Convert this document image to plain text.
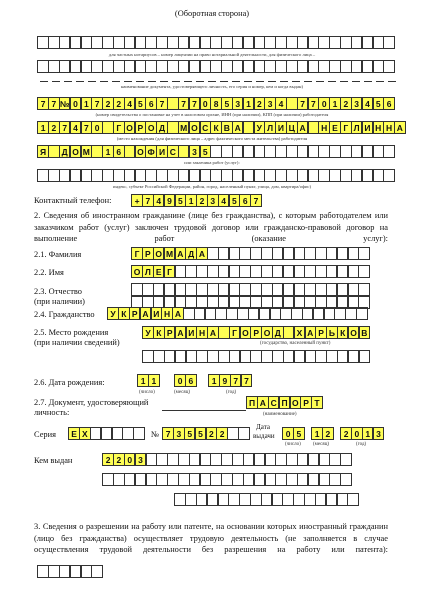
(Оборотная сторона)
для частных нотариусов – номер лицензии на право нотариальной деятельности, для физического лица –
наименование документа, удостоверяющего личность, его серия и номер, кем и когда выдан)
7 7 № 0 1 7 2 2 4 5 6 7	7 7 0 8 5 3 1 2 3 4	7 7 0 1 2 3 4 5 6
(номер свидетельства о постановке на учет в налоговом органе, ИНН (при наличии), КПП (при наличии) работодателя
1 2 7 4 7 0	Г О Р О Д	М О С К В А	У Л И Ц А	Н Е Г Л И Н Н А
(место нахождения (для физического лица – адрес фактического места жительства) работодателя
Я	Д О М	1 6	О Ф И С	3 5
или заказчика работ (услуг):
индекс, субъект Российской Федерации, район, город, населенный пункт, улица, дом, квартира/офис)
Контактный телефон:	+ 7 4 9 5 1 2 3 4 5 6 7
2. Сведения об иностранном гражданине (лице без гражданства), с которым работодателем или заказчиком работ (услуг) заключен трудовой договор или гражданско-правовой договор на выполнение работ (оказание услуг):
2.1. Фамилия	Г Р О М А Д А
2.2. Имя	О Л Е Г
2.3. Отчество
(при наличии)
2.4. Гражданство	У К Р А И Н А
2.5. Место рождения
(при наличии сведений)
У К Р А И Н А	Г О Р О Д	Х А Р Ь К О В
(государство, населенный пункт)
2.6. Дата рождения:	1 1	0 6	1 9 7 7
(число)	(месяц)	(год)
2.7. Документ, удостоверяющий
личность:
П А С П О Р Т
(наименование)
Серия	Е Х	№ 7 3 5 5 2 2
Дата
выдачи	0 5	1 2	2 0 1 3
(число) (месяц)	(год)
Кем выдан	2 2 0 3
3. Сведения о разрешении на работу или патенте, на основании которых иностранный гражданин (лицо без гражданства) осуществляет трудовую деятельность (не заполняется в случае осуществления трудовой деятельности без разрешения на работу или патента):
